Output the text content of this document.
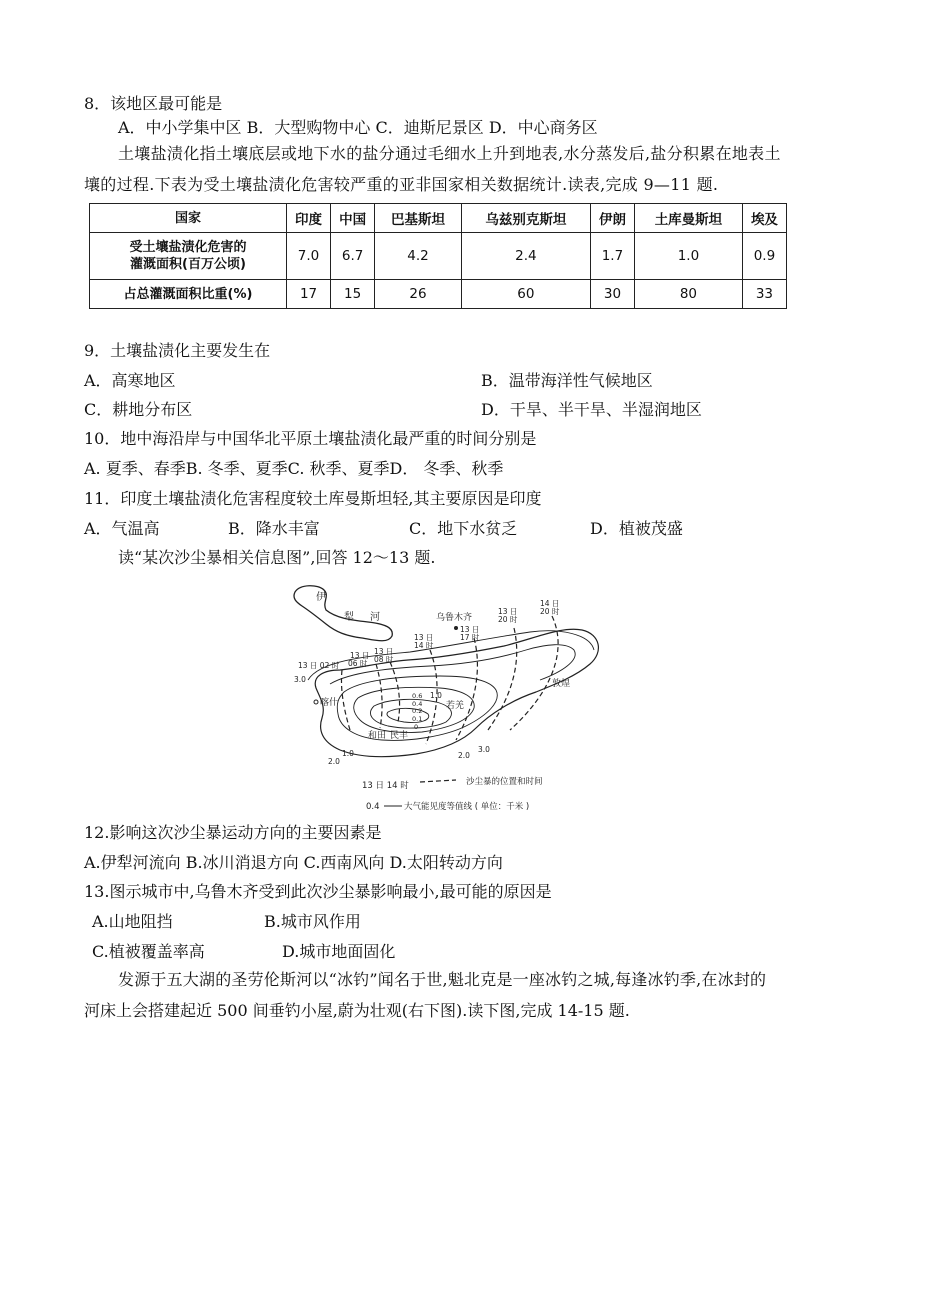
8．该地区最可能是
A．中小学集中区 B．大型购物中心 C．迪斯尼景区 D．中心商务区
土壤盐渍化指土壤底层或地下水的盐分通过毛细水上升到地表,水分蒸发后,盐分积累在地表土
壤的过程.下表为受土壤盐渍化危害较严重的亚非国家相关数据统计.读表,完成 9—11 题.
国家	印度	中国	巴基斯坦	乌兹别克斯坦	伊朗	土库曼斯坦	埃及

受土壤盐渍化危害的
灌溉面积(百万公顷)	7.0	6.7	4.2	2.4	1.7	1.0	0.9
占总灌溉面积比重(%)	17	15	26	60	30	80	33
9．土壤盐渍化主要发生在
A．高寒地区	B．温带海洋性气候地区
C．耕地分布区	D．干旱、半干旱、半湿润地区
10．地中海沿岸与中国华北平原土壤盐渍化最严重的时间分别是
A. 夏季、春季B. 冬季、夏季C. 秋季、夏季D． 冬季、秋季
11．印度土壤盐渍化危害程度较土库曼斯坦轻,其主要原因是印度
A．气温高	B．降水丰富	C．地下水贫乏	D．植被茂盛
读“某次沙尘暴相关信息图”,回答 12～13 题.
伊
犁 河	乌鲁木齐
喀什
和田 民丰
若羌
敦煌
13 日 02 时
13 日
06 时
13 日
08 时
13 日
14 时
13 日
17 时
13 日
20 时
14 日
20 时
3.0
1.0
0.6
0.4
0.2
0.1
0
1.0
2.0
2.0
3.0
13 日 14 时	沙尘暴的位置和时间
0.4	大气能见度等值线 ( 单位：千米 )
12.影响这次沙尘暴运动方向的主要因素是
A.伊犁河流向 B.冰川消退方向 C.西南风向 D.太阳转动方向
13.图示城市中,乌鲁木齐受到此次沙尘暴影响最小,最可能的原因是
A.山地阻挡	B.城市风作用
C.植被覆盖率高	D.城市地面固化
发源于五大湖的圣劳伦斯河以“冰钓”闻名于世,魁北克是一座冰钓之城,每逢冰钓季,在冰封的
河床上会搭建起近 500 间垂钓小屋,蔚为壮观(右下图).读下图,完成 14-15 题.
